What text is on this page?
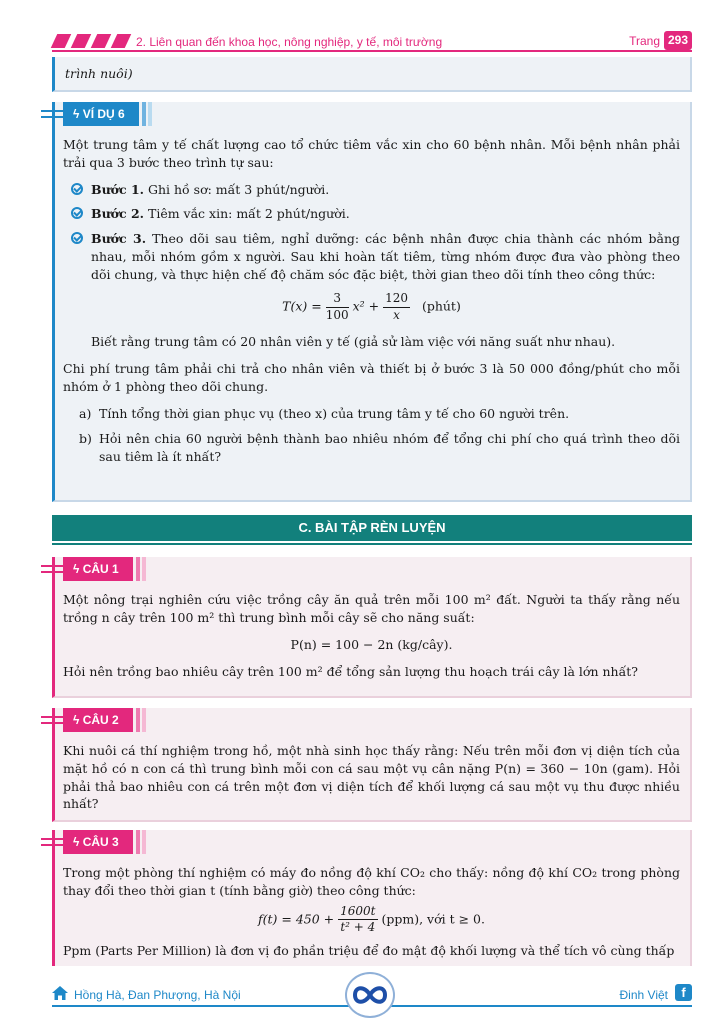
2. Liên quan đến khoa học, nông nghiệp, y tế, môi trường	Trang 293
trình nuôi)
ϟ VÍ DỤ 6

Một trung tâm y tế chất lượng cao tổ chức tiêm vắc xin cho 60 bệnh nhân. Mỗi bệnh nhân phải trải qua 3 bước theo trình tự sau:

Bước 1. Ghi hồ sơ: mất 3 phút/người.
Bước 2. Tiêm vắc xin: mất 2 phút/người.
Bước 3. Theo dõi sau tiêm, nghỉ dưỡng: các bệnh nhân được chia thành các nhóm bằng nhau, mỗi nhóm gồm x người. Sau khi hoàn tất tiêm, từng nhóm được đưa vào phòng theo dõi chung, và thực hiện chế độ chăm sóc đặc biệt, thời gian theo dõi tính theo công thức:
$T(x) = \frac{3}{100} x^2 + \frac{120}{x}$ (phút)

Biết rằng trung tâm có 20 nhân viên y tế (giả sử làm việc với năng suất như nhau).

Chi phí trung tâm phải chi trả cho nhân viên và thiết bị ở bước 3 là 50 000 đồng/phút cho mỗi nhóm ở 1 phòng theo dõi chung.

a) Tính tổng thời gian phục vụ (theo x) của trung tâm y tế cho 60 người trên.
b) Hỏi nên chia 60 người bệnh thành bao nhiêu nhóm để tổng chi phí cho quá trình theo dõi sau tiêm là ít nhất?
C. BÀI TẬP RÈN LUYỆN
ϟ CÂU 1

Một nông trại nghiên cứu việc trồng cây ăn quả trên mỗi 100 m² đất. Người ta thấy rằng nếu trồng n cây trên 100 m² thì trung bình mỗi cây sẽ cho năng suất:

P(n) = 100 − 2n (kg/cây).

Hỏi nên trồng bao nhiêu cây trên 100 m² để tổng sản lượng thu hoạch trái cây là lớn nhất?

ϟ CÂU 2

Khi nuôi cá thí nghiệm trong hồ, một nhà sinh học thấy rằng: Nếu trên mỗi đơn vị diện tích của mặt hồ có n con cá thì trung bình mỗi con cá sau một vụ cân nặng P(n) = 360 − 10n (gam). Hỏi phải thả bao nhiêu con cá trên một đơn vị diện tích để khối lượng cá sau một vụ thu được nhiều nhất?

ϟ CÂU 3

Trong một phòng thí nghiệm có máy đo nồng độ khí CO₂ cho thấy: nồng độ khí CO₂ trong phòng thay đổi theo thời gian t (tính bằng giờ) theo công thức:

$f(t) = 450 + \frac{1600t}{\text{t² + 4}} (ppm)$, với t ≥ 0.

Ppm (Parts Per Million) là đơn vị đo phần triệu để đo mật độ khối lượng và thể tích vô cùng thấp

Hồng Hà, Đan Phượng, Hà Nội	Đinh Việt	f
